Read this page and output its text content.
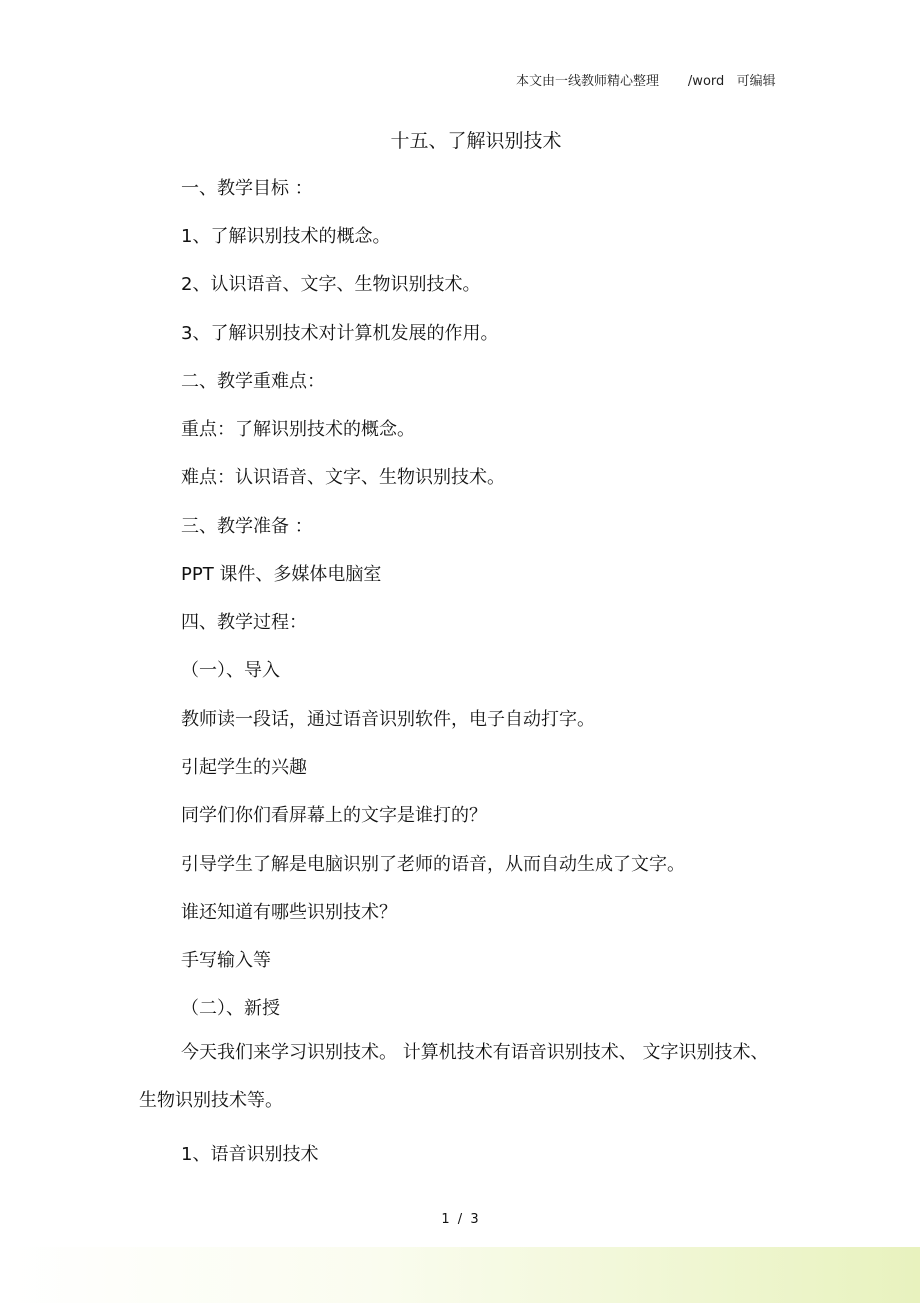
本文由一线教师精心整理       /word   可编辑
十五、了解识别技术
一、教学目标 ：
1、了解识别技术的概念。
2、认识语音、文字、生物识别技术。
3、了解识别技术对计算机发展的作用。
二、教学重难点：
重点：了解识别技术的概念。
难点：认识语音、文字、生物识别技术。
三、教学准备 ：
PPT 课件、多媒体电脑室
四、教学过程：
（一）、导入
教师读一段话，通过语音识别软件，电子自动打字。
引起学生的兴趣
同学们你们看屏幕上的文字是谁打的？
引导学生了解是电脑识别了老师的语音，从而自动生成了文字。
谁还知道有哪些识别技术？
手写输入等
（二）、新授
今天我们来学习识别技术。 计算机技术有语音识别技术、 文字识别技术、生物识别技术等。
1、语音识别技术
1 / 3
